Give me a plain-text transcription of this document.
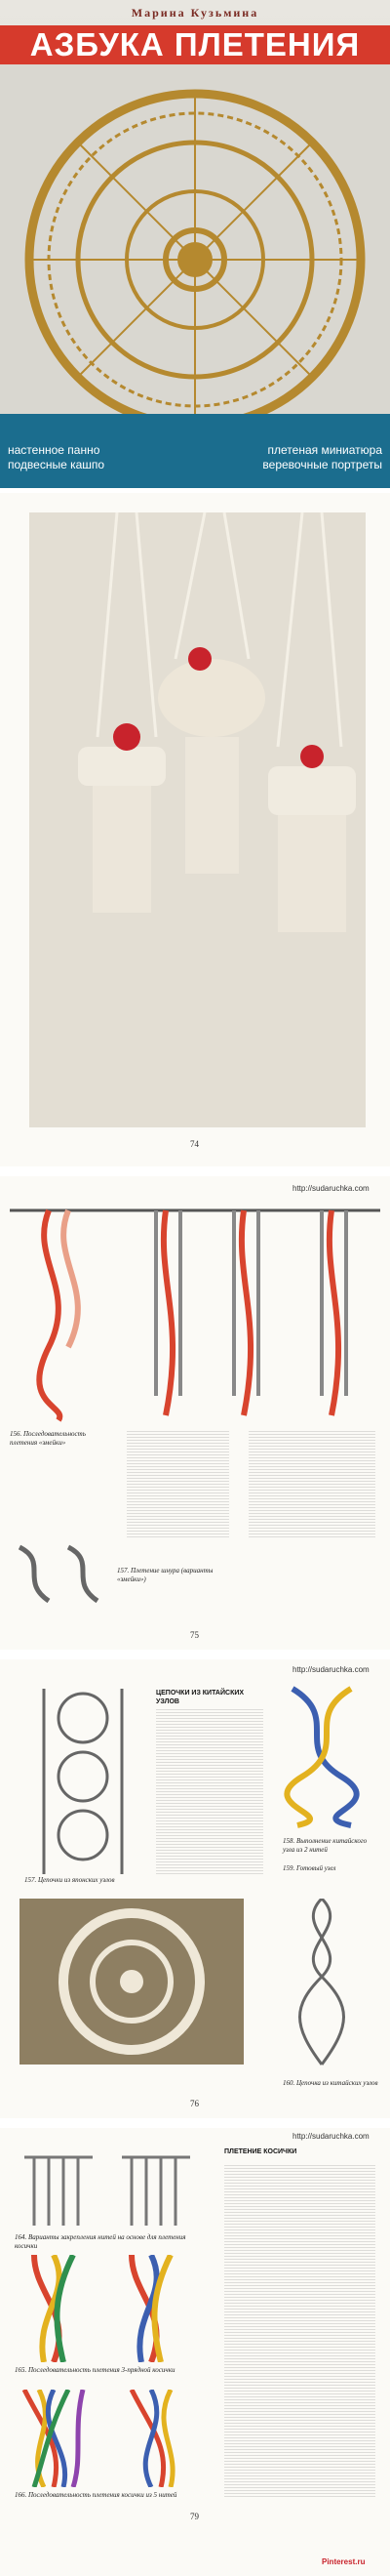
Марина Кузьмина
АЗБУКА ПЛЕТЕНИЯ
настенное панно
подвесные кашпо
плетеная миниатюра
веревочные портреты
74
http://sudaruchka.com
156. Последовательность плетения «змейки»
157. Плетение шнура (варианты «змейки»)
75
http://sudaruchka.com
157. Цепочки из японских узлов
ЦЕПОЧКИ ИЗ КИТАЙСКИХ УЗЛОВ
158. Выполнение китайского узла из 2 нитей
159. Готовый узел
160. Цепочка из китайских узлов
76
http://sudaruchka.com
164. Варианты закрепления нитей на основе для плетения косички
165. Последовательность плетения 3-прядной косички
166. Последовательность плетения косички из 5 нитей
ПЛЕТЕНИЕ КОСИЧКИ
79
Pinterest.ru
